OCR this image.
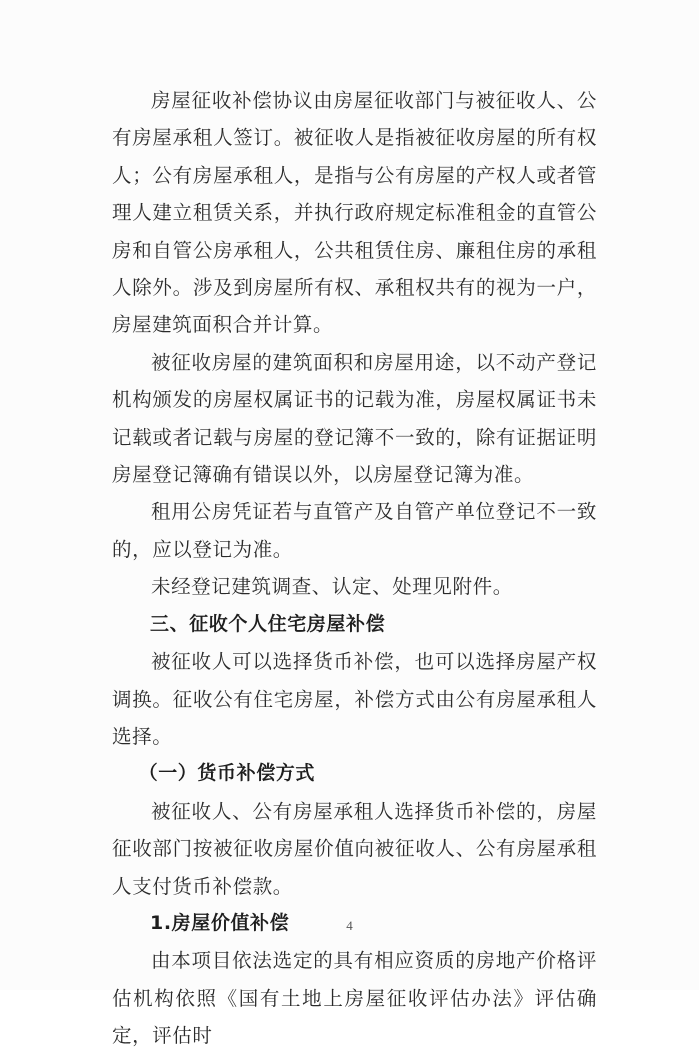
房屋征收补偿协议由房屋征收部门与被征收人、公有房屋承租人签订。被征收人是指被征收房屋的所有权人；公有房屋承租人，是指与公有房屋的产权人或者管理人建立租赁关系，并执行政府规定标准租金的直管公房和自管公房承租人，公共租赁住房、廉租住房的承租人除外。涉及到房屋所有权、承租权共有的视为一户，房屋建筑面积合并计算。

被征收房屋的建筑面积和房屋用途，以不动产登记机构颁发的房屋权属证书的记载为准，房屋权属证书未记载或者记载与房屋的登记簿不一致的，除有证据证明房屋登记簿确有错误以外，以房屋登记簿为准。

租用公房凭证若与直管产及自管产单位登记不一致的，应以登记为准。

未经登记建筑调查、认定、处理见附件。

三、征收个人住宅房屋补偿

被征收人可以选择货币补偿，也可以选择房屋产权调换。征收公有住宅房屋，补偿方式由公有房屋承租人选择。

（一）货币补偿方式

被征收人、公有房屋承租人选择货币补偿的，房屋征收部门按被征收房屋价值向被征收人、公有房屋承租人支付货币补偿款。

1.房屋价值补偿

由本项目依法选定的具有相应资质的房地产价格评估机构依照《国有土地上房屋征收评估办法》评估确定，评估时

4
